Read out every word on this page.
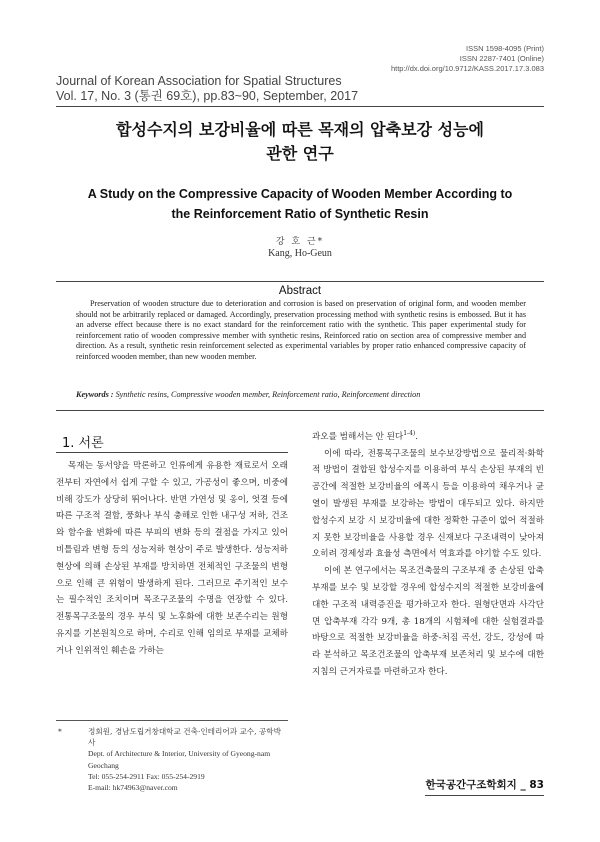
ISSN 1598-4095 (Print)
ISSN 2287-7401 (Online)
http://dx.doi.org/10.9712/KASS.2017.17.3.083
Journal of Korean Association for Spatial Structures
Vol. 17, No. 3 (통권 69호), pp.83~90, September, 2017
합성수지의 보강비율에 따른 목재의 압축보강 성능에
관한 연구
A Study on the Compressive Capacity of Wooden Member According to
the Reinforcement Ratio of Synthetic Resin
강 호 근*
Kang, Ho-Geun
Abstract
Preservation of wooden structure due to deterioration and corrosion is based on preservation of original form, and wooden member should not be arbitrarily replaced or damaged. Accordingly, preservation processing method with synthetic resins is embossed. But it has an adverse effect because there is no exact standard for the reinforcement ratio with the synthetic. This paper experimental study for reinforcement ratio of wooden compressive member with synthetic resins, Reinforced ratio on section area of compressive member and direction. As a result, synthetic resin reinforcement selected as experimental variables by proper ratio enhanced compressive capacity of reinforced wooden member, than new wooden member.
Keywords : Synthetic resins, Compressive wooden member, Reinforcement ratio, Reinforcement direction
1. 서론

목재는 동서양을 막론하고 인류에게 유용한 재료로서 오래전부터 자연에서 쉽게 구할 수 있고, 가공성이 좋으며, 비중에 비해 강도가 상당히 뛰어나다. 반면 가연성 및 옹이, 엇결 등에 따른 구조적 결함, 풍화나 부식 충해로 인한 내구성 저하, 건조와 함수율 변화에 따른 부피의 변화 등의 결점을 가지고 있어 비틀림과 변형 등의 성능저하 현상이 주로 발생한다. 성능저하 현상에 의해 손상된 부재를 방치하면 전체적인 구조물의 변형으로 인해 큰 위험이 발생하게 된다. 그러므로 주기적인 보수는 필수적인 조치이며 목조구조물의 수명을 연장할 수 있다. 전통목구조물의 경우 부식 및 노후화에 대한 보존수리는 원형 유지를 기본원칙으로 하며, 수리로 인해 임의로 부재를 교체하거나 인위적인 훼손을 가하는

과오를 범해서는 안 된다$^{1-4)}$.

이에 따라, 전통목구조물의 보수보강방법으로 물리적·화학적 방법이 결합된 합성수지를 이용하여 부식 손상된 부재의 빈 공간에 적절한 보강비율의 에폭시 등을 이용하여 채우거나 균열이 발생된 부재를 보강하는 방법이 대두되고 있다. 하지만 합성수지 보강 시 보강비율에 대한 정확한 규준이 없어 적절하지 못한 보강비율을 사용할 경우 신재보다 구조내력이 낮아져 오히려 경제성과 효율성 측면에서 역효과를 야기할 수도 있다.

이에 본 연구에서는 목조건축물의 구조부재 중 손상된 압축부재를 보수 및 보강할 경우에 합성수지의 적절한 보강비율에 대한 구조적 내력증진을 평가하고자 한다. 원형단면과 사각단면 압축부재 각각 9개, 총 18개의 시험체에 대한 실험결과를 바탕으로 적절한 보강비율을 하중-처짐 곡선, 강도, 강성에 따라 분석하고 목조건조물의 압축부재 보존처리 및 보수에 대한 지침의 근거자료를 마련하고자 한다.

*	정회원, 경남도립거창대학교 건축·인테리어과 교수, 공학박사
Dept. of Architecture & Interior, University of Gyeong-nam Geochang
Tel: 055-254-2911 Fax: 055-254-2919
E-mail: hk74963@naver.com	한국공간구조학회지 _ 83
